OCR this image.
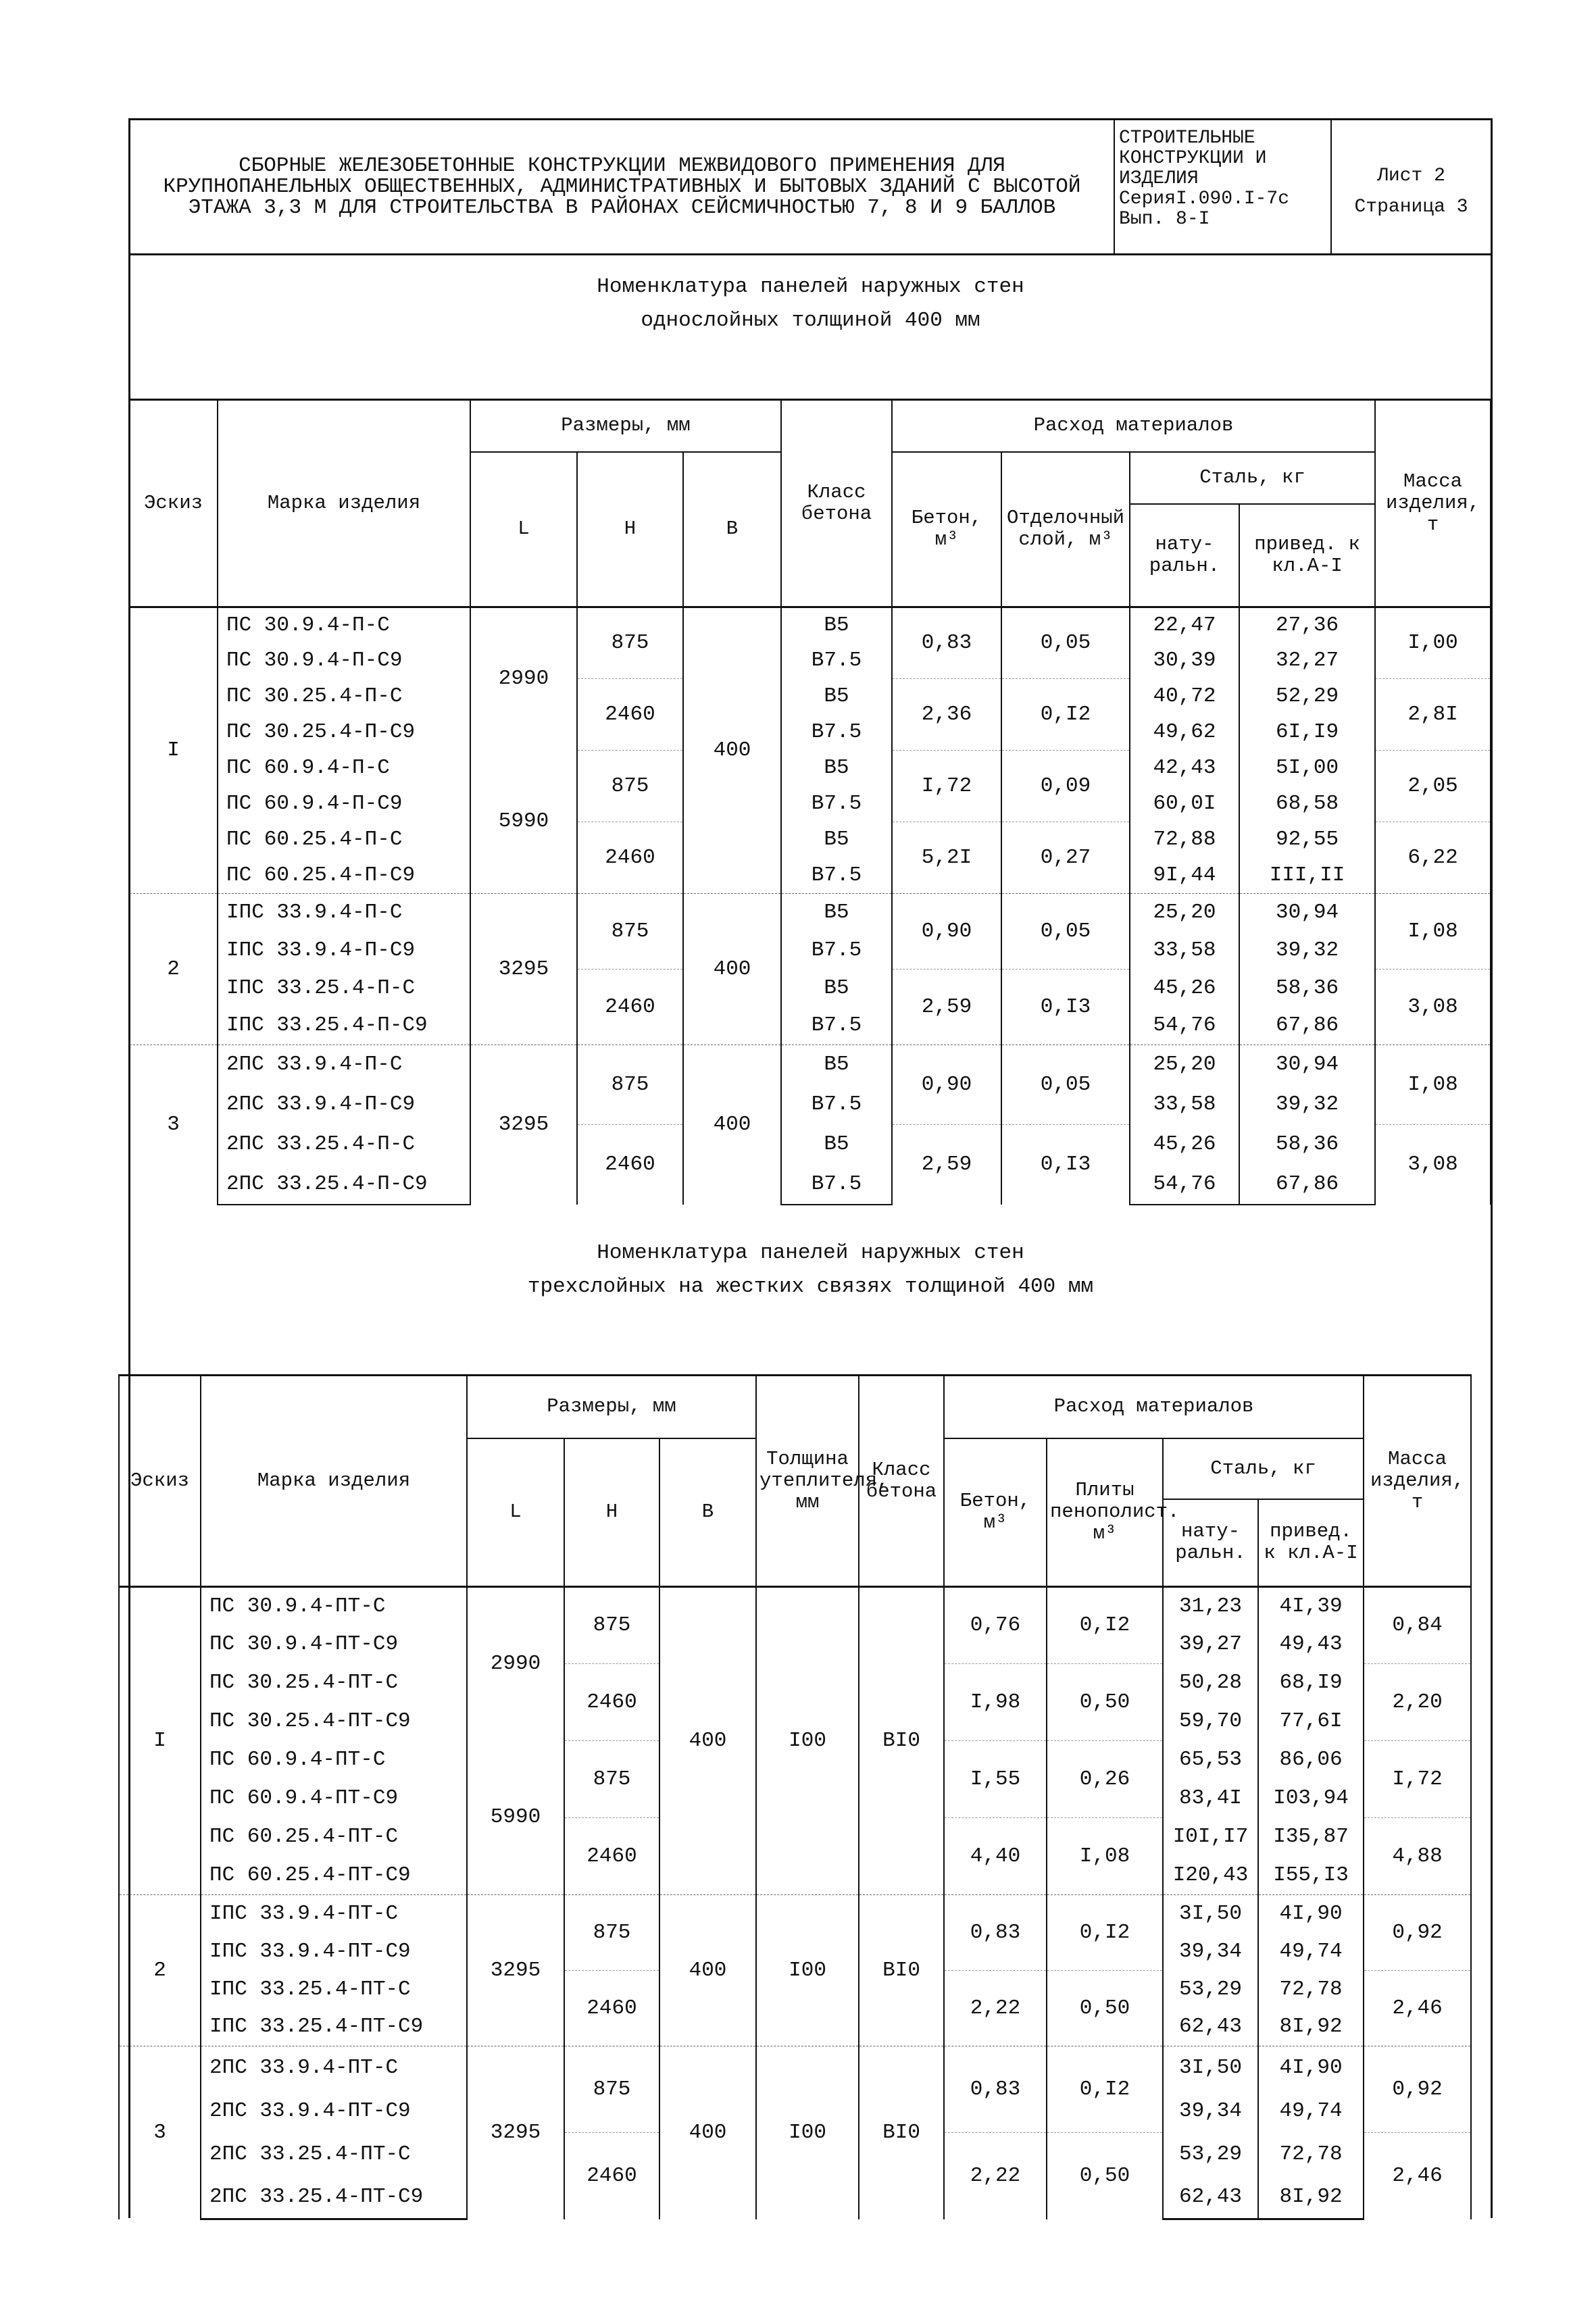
СБОРНЫЕ ЖЕЛЕЗОБЕТОННЫЕ КОНСТРУКЦИИ МЕЖВИДОВОГО ПРИМЕНЕНИЯ ДЛЯ КРУПНОПАНЕЛЬНЫХ ОБЩЕСТВЕННЫХ, АДМИНИСТРАТИВНЫХ И БЫТОВЫХ ЗДАНИЙ С ВЫСОТОЙ ЭТАЖА 3,3 М ДЛЯ СТРОИТЕЛЬСТВА В РАЙОНАХ СЕЙСМИЧНОСТЬЮ 7, 8 И 9 БАЛЛОВ
СТРОИТЕЛЬНЫЕ
КОНСТРУКЦИИ И
ИЗДЕЛИЯ
СерияI.090.I-7с
Вып. 8-I
Лист 2
Страница 3
Номенклатура панелей наружных стен
однослойных толщиной 400 мм
Эскиз	Марка изделия	Размеры, мм			Класс бетона	Расход материалов				Масса изделия, т
		L	H	B		Бетон, м³	Отделочный слой, м³	Сталь, кг		
								нату-ральн.	привед. к кл.А-I	
I	ПС 30.9.4-П-С	2990	875	400	B5	0,83	0,05	22,47	27,36	I,00
	ПС 30.9.4-П-С9				B7.5			30,39	32,27	
	ПС 30.25.4-П-С		2460		B5	2,36	0,I2	40,72	52,29	2,8I
	ПС 30.25.4-П-С9				B7.5			49,62	6I,I9	
	ПС 60.9.4-П-С	5990	875		B5	I,72	0,09	42,43	5I,00	2,05
	ПС 60.9.4-П-С9				B7.5			60,0I	68,58	
	ПС 60.25.4-П-С		2460		B5	5,2I	0,27	72,88	92,55	6,22
	ПС 60.25.4-П-С9				B7.5			9I,44	III,II	
2	IПС 33.9.4-П-С	3295	875	400	B5	0,90	0,05	25,20	30,94	I,08
	IПС 33.9.4-П-С9				B7.5			33,58	39,32	
	IПС 33.25.4-П-С		2460		B5	2,59	0,I3	45,26	58,36	3,08
	IПС 33.25.4-П-С9				B7.5			54,76	67,86	
3	2ПС 33.9.4-П-С	3295	875	400	B5	0,90	0,05	25,20	30,94	I,08
	2ПС 33.9.4-П-С9				B7.5			33,58	39,32	
	2ПС 33.25.4-П-С		2460		B5	2,59	0,I3	45,26	58,36	3,08
	2ПС 33.25.4-П-С9				B7.5			54,76	67,86	
Номенклатура панелей наружных стен
трехслойных на жестких связях толщиной 400 мм
Эскиз	Марка изделия	Размеры, мм			Толщина утеплителя, мм	Класс бетона	Расход материалов				Масса изделия, т
		L	H	B			Бетон, м³	Плиты пенополист. м³	Сталь, кг		
									нату-ральн.	привед. к кл.А-I	
I	ПС 30.9.4-ПТ-С	2990	875	400	I00	BI0	0,76	0,I2	31,23	4I,39	0,84
	ПС 30.9.4-ПТ-С9								39,27	49,43	
	ПС 30.25.4-ПТ-С		2460				I,98	0,50	50,28	68,I9	2,20
	ПС 30.25.4-ПТ-С9								59,70	77,6I	
	ПС 60.9.4-ПТ-С	5990	875				I,55	0,26	65,53	86,06	I,72
	ПС 60.9.4-ПТ-С9								83,4I	I03,94	
	ПС 60.25.4-ПТ-С		2460				4,40	I,08	I0I,I7	I35,87	4,88
	ПС 60.25.4-ПТ-С9								I20,43	I55,I3	
2	IПС 33.9.4-ПТ-С	3295	875	400	I00	BI0	0,83	0,I2	3I,50	4I,90	0,92
	IПС 33.9.4-ПТ-С9								39,34	49,74	
	IПС 33.25.4-ПТ-С		2460				2,22	0,50	53,29	72,78	2,46
	IПС 33.25.4-ПТ-С9								62,43	8I,92	
3	2ПС 33.9.4-ПТ-С	3295	875	400	I00	BI0	0,83	0,I2	3I,50	4I,90	0,92
	2ПС 33.9.4-ПТ-С9								39,34	49,74	
	2ПС 33.25.4-ПТ-С		2460				2,22	0,50	53,29	72,78	2,46
	2ПС 33.25.4-ПТ-С9								62,43	8I,92	
